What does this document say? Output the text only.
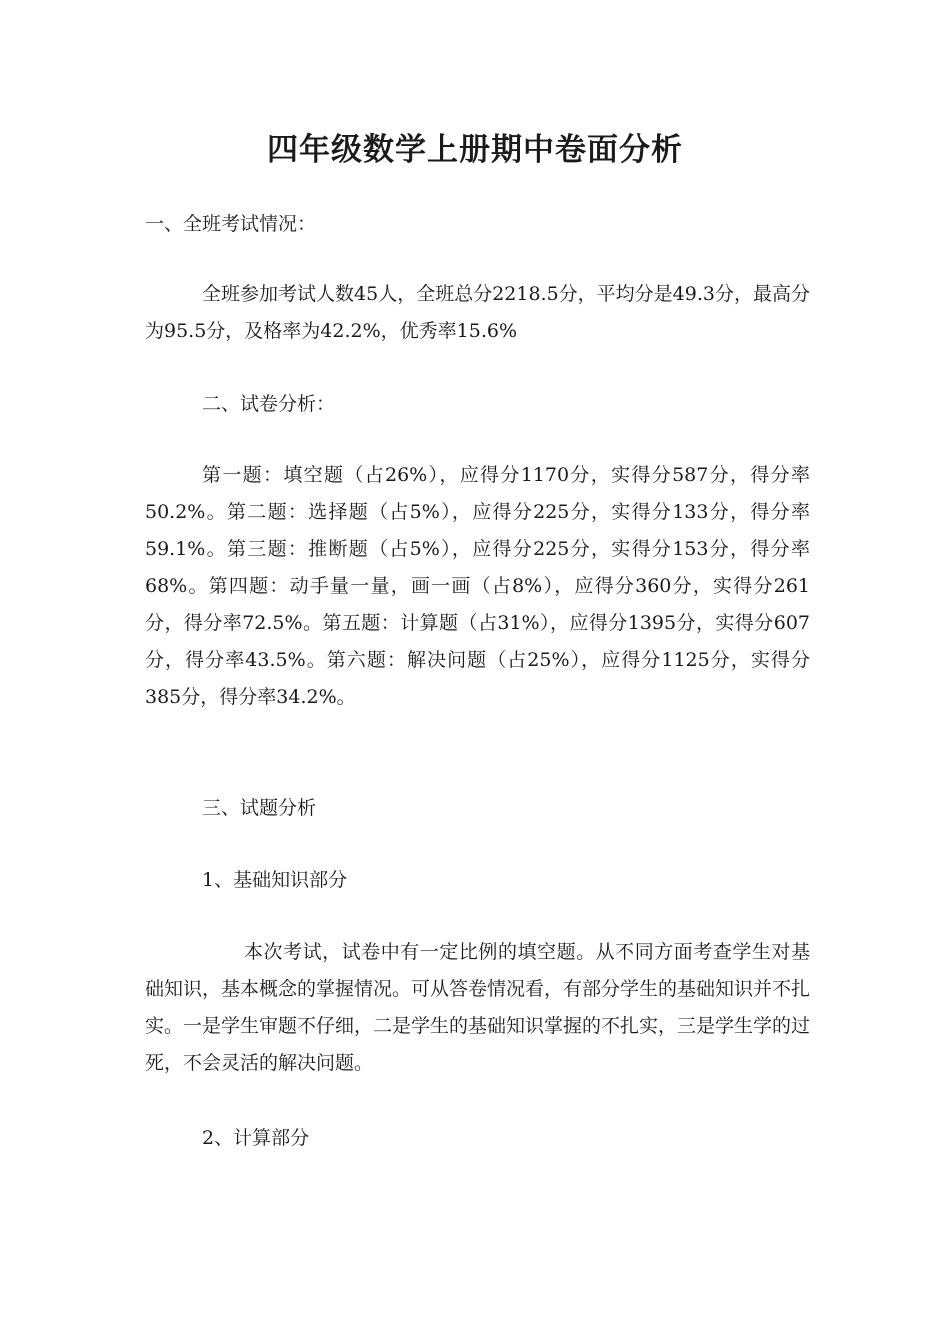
四年级数学上册期中卷面分析
一、全班考试情况：
全班参加考试人数45人，全班总分2218.5分，平均分是49.3分，最高分为95.5分，及格率为42.2%，优秀率15.6%
二、试卷分析：
第一题：填空题（占26%），应得分1170分，实得分587分，得分率50.2%。第二题：选择题（占5%），应得分225分，实得分133分，得分率59.1%。第三题：推断题（占5%），应得分225分，实得分153分，得分率68%。第四题：动手量一量，画一画（占8%），应得分360分，实得分261分，得分率72.5%。第五题：计算题（占31%），应得分1395分，实得分607分，得分率43.5%。第六题：解决问题（占25%），应得分1125分，实得分385分，得分率34.2%。
三、试题分析
1、基础知识部分
本次考试，试卷中有一定比例的填空题。从不同方面考查学生对基础知识，基本概念的掌握情况。可从答卷情况看，有部分学生的基础知识并不扎实。一是学生审题不仔细，二是学生的基础知识掌握的不扎实，三是学生学的过死，不会灵活的解决问题。
2、计算部分
